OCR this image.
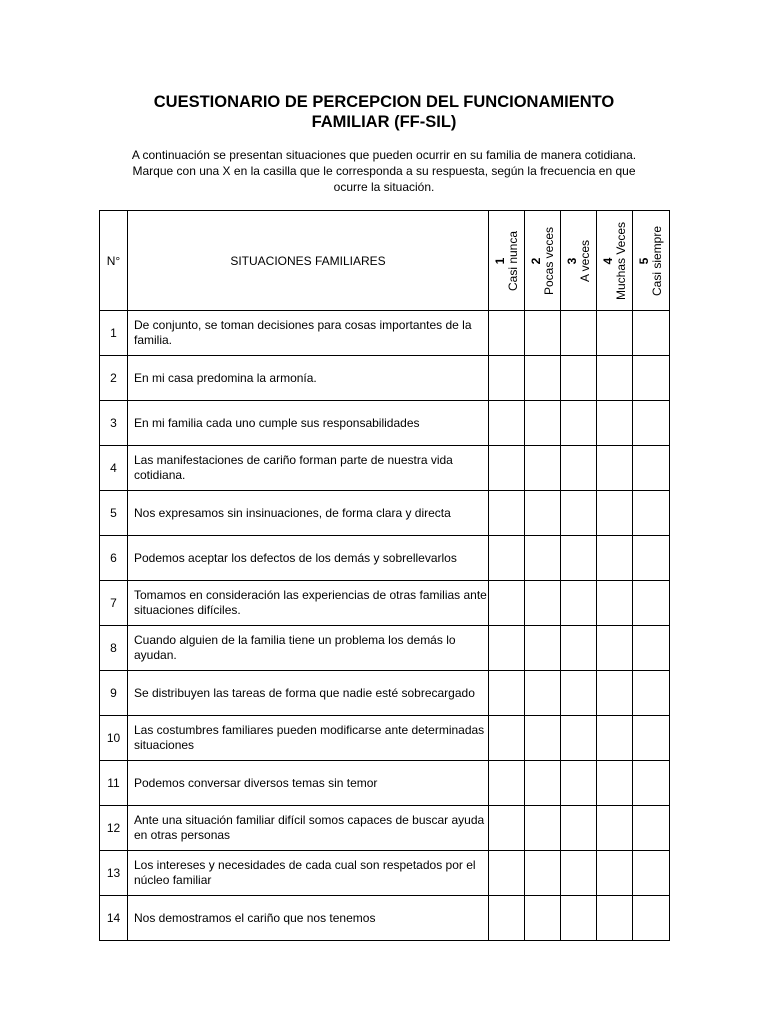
CUESTIONARIO DE PERCEPCION DEL FUNCIONAMIENTO
FAMILIAR (FF-SIL)
A continuación se presentan situaciones que pueden ocurrir en su familia de manera cotidiana.
Marque con una X en la casilla que le corresponda a su respuesta, según la frecuencia en que
ocurre la situación.
N°	SITUACIONES FAMILIARES	1 Casi nunca	2 Pocas veces	3 A veces	4 Muchas Veces	5 Casi siempre

1	De conjunto, se toman decisiones para cosas importantes de la familia.					
2	En mi casa predomina la armonía.					
3	En mi familia cada uno cumple sus responsabilidades					
4	Las manifestaciones de cariño forman parte de nuestra vida cotidiana.					
5	Nos expresamos sin insinuaciones, de forma clara y directa					
6	Podemos aceptar los defectos de los demás y sobrellevarlos					
7	Tomamos en consideración las experiencias de otras familias ante situaciones difíciles.					
8	Cuando alguien de la familia tiene un problema los demás lo ayudan.					
9	Se distribuyen las tareas de forma que nadie esté sobrecargado					
10	Las costumbres familiares pueden modificarse ante determinadas situaciones					
11	Podemos conversar diversos temas sin temor					
12	Ante una situación familiar difícil somos capaces de buscar ayuda en otras personas					
13	Los intereses y necesidades de cada cual son respetados por el núcleo familiar					
14	Nos demostramos el cariño que nos tenemos					
